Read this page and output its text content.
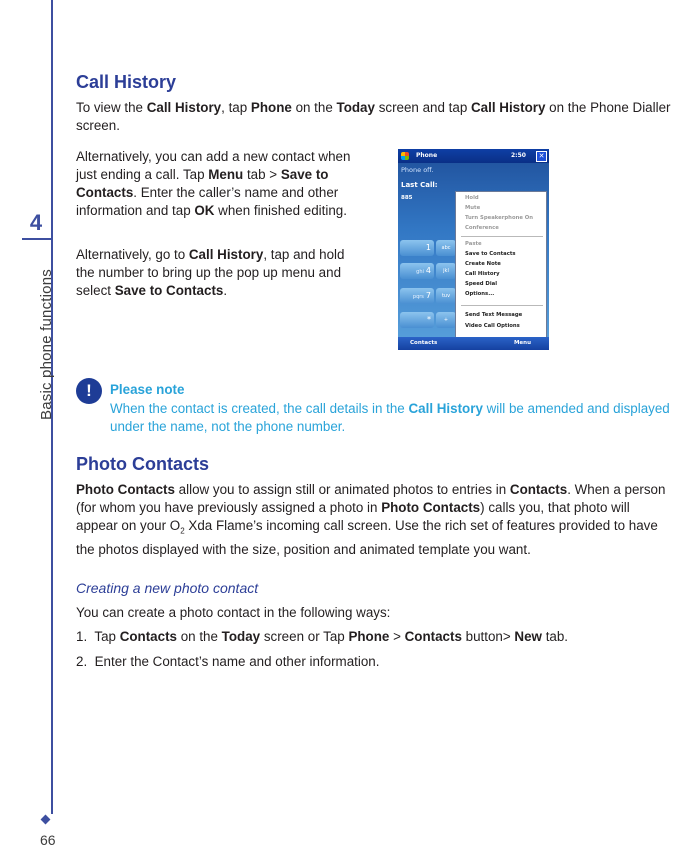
4
Basic phone functions
66
Call History

To view the Call History, tap Phone on the Today screen and tap Call History on the Phone Dialler screen.

Alternatively, you can add a new contact when just ending a call. Tap Menu tab > Save to Contacts. Enter the caller’s name and other information and tap OK when finished editing.

Alternatively, go to Call History, tap and hold the number to bring up the pop up menu and select Save to Contacts.

Phone	2:50	✕
Phone off.
Last Call:
885
1
ghi 4
pqrs 7
*
abc
jkl
tuv
+
Hold
Mute
Turn Speakerphone On
Conference
Paste
Save to Contacts
Create Note
Call History
Speed Dial
Options...
Send Text Message
Video Call Options
Contacts	Menu
!	Please note
When the contact is created, the call details in the Call History will be amended and displayed under the name, not the phone number.
Photo Contacts

Photo Contacts allow you to assign still or animated photos to entries in Contacts. When a person (for whom you have previously assigned a photo in Photo Contacts) calls you, that photo will appear on your $O_2$ Xda Flame’s incoming call screen. Use the rich set of features provided to have the photos displayed with the size, position and animated template you want.

Creating a new photo contact

You can create a photo contact in the following ways:

1. Tap Contacts on the Today screen or Tap Phone > Contacts button> New tab.

2. Enter the Contact’s name and other information.
